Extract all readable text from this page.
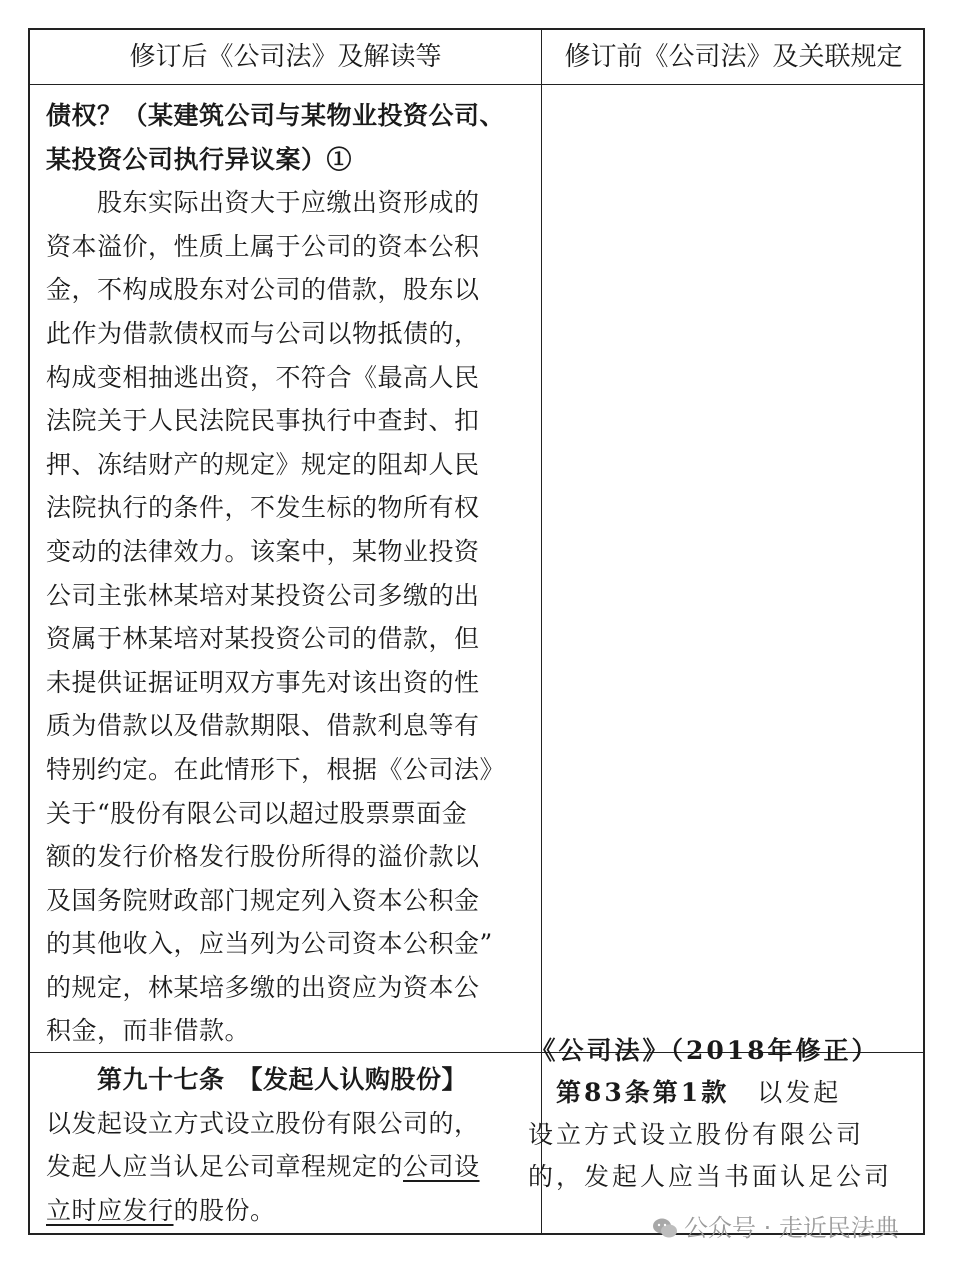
修订后《公司法》及解读等	修订前《公司法》及关联规定
债权？（某建筑公司与某物业投资公司、
某投资公司执行异议案）①
　　股东实际出资大于应缴出资形成的
资本溢价，性质上属于公司的资本公积
金，不构成股东对公司的借款，股东以
此作为借款债权而与公司以物抵债的，
构成变相抽逃出资，不符合《最高人民
法院关于人民法院民事执行中查封、扣
押、冻结财产的规定》规定的阻却人民
法院执行的条件，不发生标的物所有权
变动的法律效力。该案中，某物业投资
公司主张林某培对某投资公司多缴的出
资属于林某培对某投资公司的借款，但
未提供证据证明双方事先对该出资的性
质为借款以及借款期限、借款利息等有
特别约定。在此情形下，根据《公司法》
关于“股份有限公司以超过股票票面金
额的发行价格发行股份所得的溢价款以
及国务院财政部门规定列入资本公积金
的其他收入，应当列为公司资本公积金”
的规定，林某培多缴的出资应为资本公
积金，而非借款。
　　第九十七条　【发起人认购股份】
以发起设立方式设立股份有限公司的，
发起人应当认足公司章程规定的公司设
立时应发行的股份。
《公司法》（2018年修正）
　第83条第1款　 以发起
设立方式设立股份有限公司
的，发起人应当书面认足公司
公众号 · 走近民法典
